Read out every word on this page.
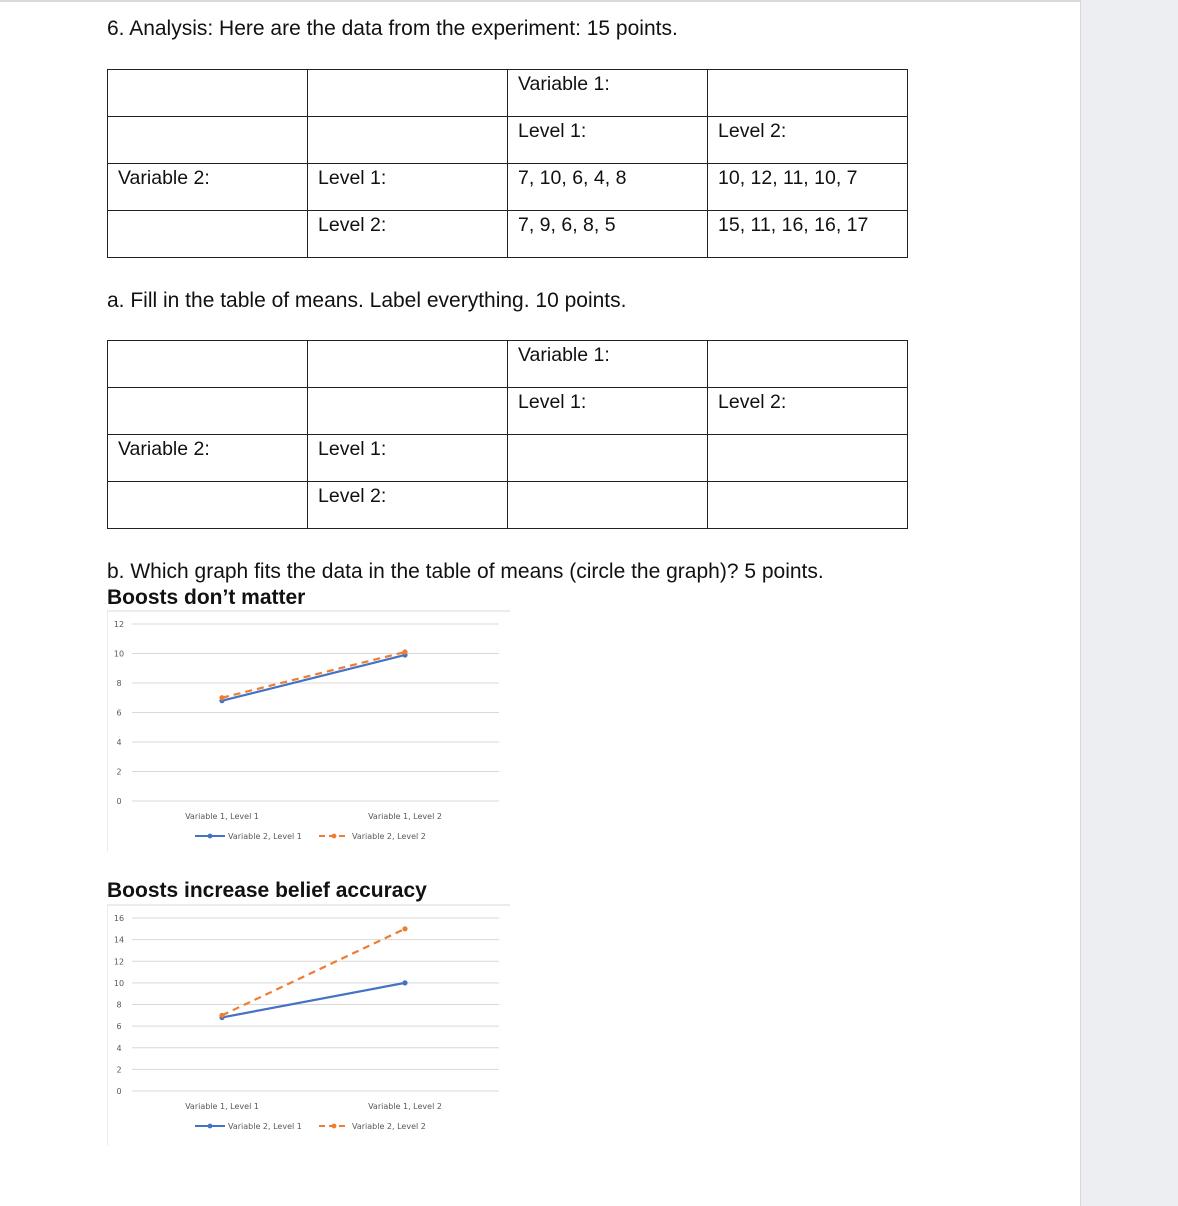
6. Analysis: Here are the data from the experiment: 15 points.
		Variable 1:	
		Level 1:	Level 2:
Variable 2:	Level 1:	7, 10, 6, 4, 8	10, 12, 11, 10, 7
	Level 2:	7, 9, 6, 8, 5	15, 11, 16, 16, 17
a. Fill in the table of means. Label everything. 10 points.
		Variable 1:	
		Level 1:	Level 2:
Variable 2:	Level 1:		
	Level 2:		
b. Which graph fits the data in the table of means (circle the graph)? 5 points.
Boosts don’t matter
12
10
8
6
4
2
0
Variable 1, Level 1	Variable 1, Level 2
Variable 2, Level 1	Variable 2, Level 2
Boosts increase belief accuracy
16
14
12
10
8
6
4
2
0
Variable 1, Level 1	Variable 1, Level 2
Variable 2, Level 1	Variable 2, Level 2
